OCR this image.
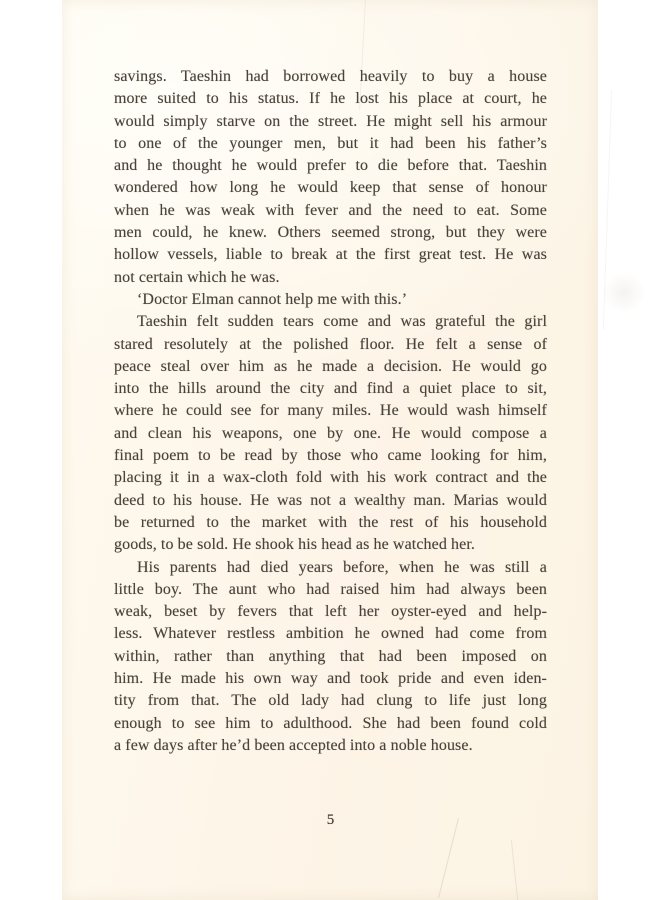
savings. Taeshin had borrowed heavily to buy a house
more suited to his status. If he lost his place at court, he
would simply starve on the street. He might sell his armour
to one of the younger men, but it had been his father’s
and he thought he would prefer to die before that. Taeshin
wondered how long he would keep that sense of honour
when he was weak with fever and the need to eat. Some
men could, he knew. Others seemed strong, but they were
hollow vessels, liable to break at the first great test. He was
not certain which he was.
‘Doctor Elman cannot help me with this.’
Taeshin felt sudden tears come and was grateful the girl
stared resolutely at the polished floor. He felt a sense of
peace steal over him as he made a decision. He would go
into the hills around the city and find a quiet place to sit,
where he could see for many miles. He would wash himself
and clean his weapons, one by one. He would compose a
final poem to be read by those who came looking for him,
placing it in a wax-cloth fold with his work contract and the
deed to his house. He was not a wealthy man. Marias would
be returned to the market with the rest of his household
goods, to be sold. He shook his head as he watched her.
His parents had died years before, when he was still a
little boy. The aunt who had raised him had always been
weak, beset by fevers that left her oyster-eyed and help-
less. Whatever restless ambition he owned had come from
within, rather than anything that had been imposed on
him. He made his own way and took pride and even iden-
tity from that. The old lady had clung to life just long
enough to see him to adulthood. She had been found cold
a few days after he’d been accepted into a noble house.
5
